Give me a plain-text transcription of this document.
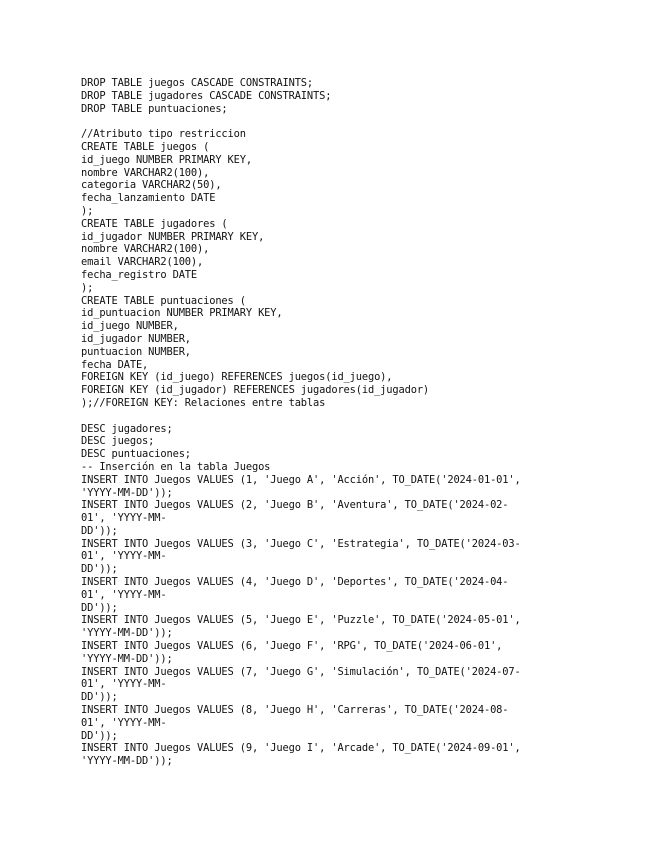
DROP TABLE juegos CASCADE CONSTRAINTS;
DROP TABLE jugadores CASCADE CONSTRAINTS;
DROP TABLE puntuaciones;
//Atributo tipo restriccion
CREATE TABLE juegos (
id_juego NUMBER PRIMARY KEY,
nombre VARCHAR2(100),
categoria VARCHAR2(50),
fecha_lanzamiento DATE
);
CREATE TABLE jugadores (
id_jugador NUMBER PRIMARY KEY,
nombre VARCHAR2(100),
email VARCHAR2(100),
fecha_registro DATE
);
CREATE TABLE puntuaciones (
id_puntuacion NUMBER PRIMARY KEY,
id_juego NUMBER,
id_jugador NUMBER,
puntuacion NUMBER,
fecha DATE,
FOREIGN KEY (id_juego) REFERENCES juegos(id_juego),
FOREIGN KEY (id_jugador) REFERENCES jugadores(id_jugador)
);//FOREIGN KEY: Relaciones entre tablas
DESC jugadores;
DESC juegos;
DESC puntuaciones;
-- Inserción en la tabla Juegos
INSERT INTO Juegos VALUES (1, 'Juego A', 'Acción', TO_DATE('2024-01-01',
'YYYY-MM-DD'));
INSERT INTO Juegos VALUES (2, 'Juego B', 'Aventura', TO_DATE('2024-02-
01', 'YYYY-MM-
DD'));
INSERT INTO Juegos VALUES (3, 'Juego C', 'Estrategia', TO_DATE('2024-03-
01', 'YYYY-MM-
DD'));
INSERT INTO Juegos VALUES (4, 'Juego D', 'Deportes', TO_DATE('2024-04-
01', 'YYYY-MM-
DD'));
INSERT INTO Juegos VALUES (5, 'Juego E', 'Puzzle', TO_DATE('2024-05-01',
'YYYY-MM-DD'));
INSERT INTO Juegos VALUES (6, 'Juego F', 'RPG', TO_DATE('2024-06-01',
'YYYY-MM-DD'));
INSERT INTO Juegos VALUES (7, 'Juego G', 'Simulación', TO_DATE('2024-07-
01', 'YYYY-MM-
DD'));
INSERT INTO Juegos VALUES (8, 'Juego H', 'Carreras', TO_DATE('2024-08-
01', 'YYYY-MM-
DD'));
INSERT INTO Juegos VALUES (9, 'Juego I', 'Arcade', TO_DATE('2024-09-01',
'YYYY-MM-DD'));
